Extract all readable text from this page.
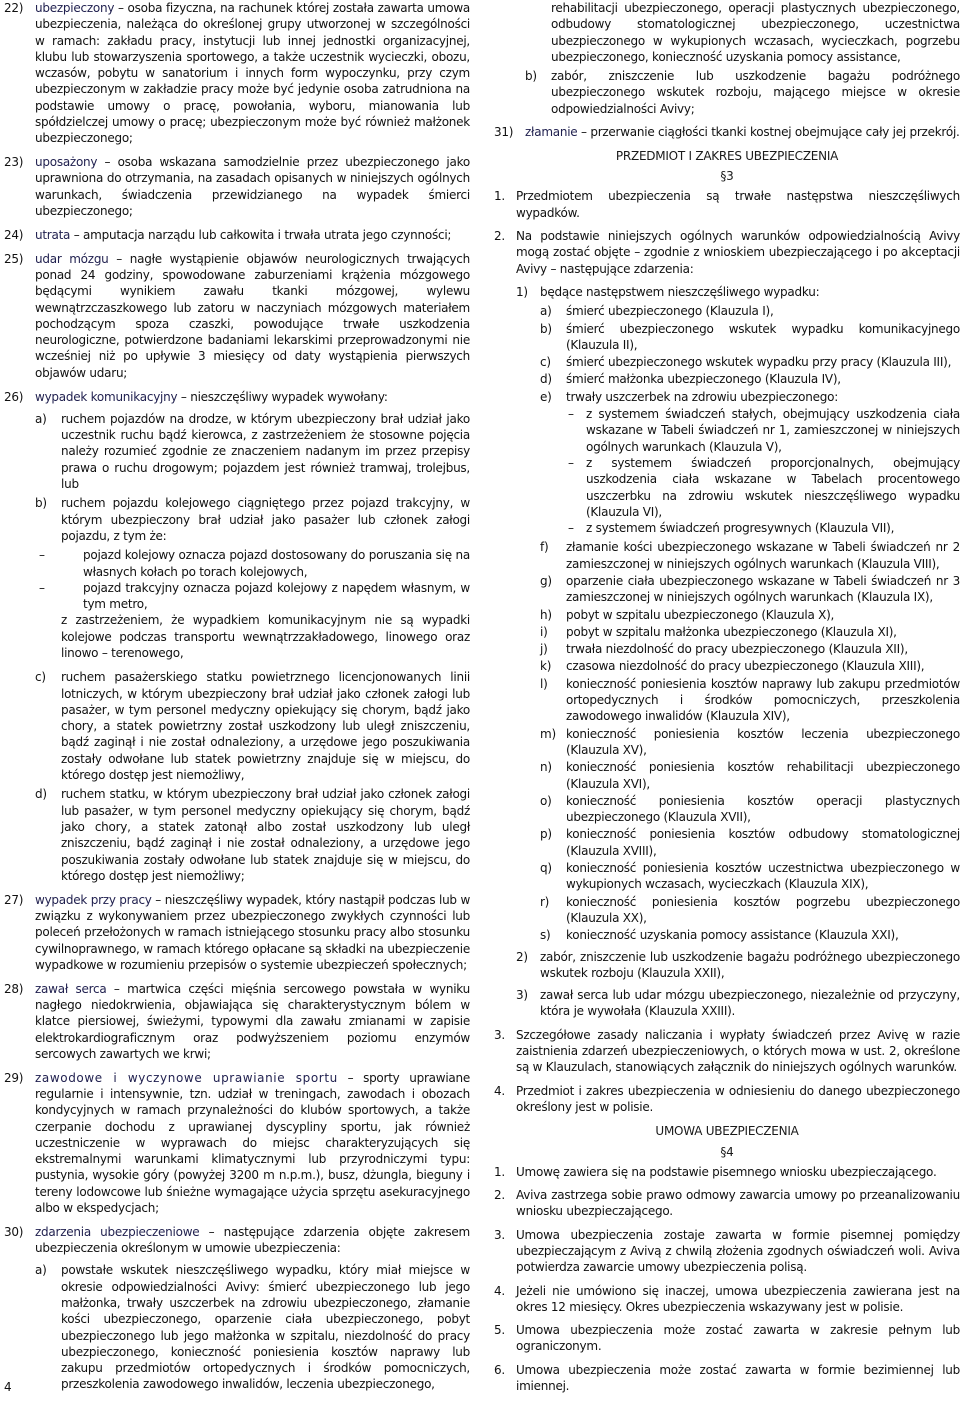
22) ubezpieczony – osoba fizyczna, na rachunek której została zawarta umowa ubezpieczenia, należąca do określonej grupy utworzonej w szczególności w ramach: zakładu pracy, instytucji lub innej jednostki organizacyjnej, klubu lub stowarzyszenia sportowego, a także uczestnik wycieczki, obozu, wczasów, pobytu w sanatorium i innych form wypoczynku, przy czym ubezpieczonym w zakładzie pracy może być jedynie osoba zatrudniona na podstawie umowy o pracę, powołania, wyboru, mianowania lub spółdzielczej umowy o pracę; ubezpieczonym może być również małżonek ubezpieczonego;
23) uposażony – osoba wskazana samodzielnie przez ubezpieczonego jako uprawniona do otrzymania, na zasadach opisanych w niniejszych ogólnych warunkach, świadczenia przewidzianego na wypadek śmierci ubezpieczonego;
24) utrata – amputacja narządu lub całkowita i trwała utrata jego czynności;
25) udar mózgu – nagłe wystąpienie objawów neurologicznych trwających ponad 24 godziny, spowodowane zaburzeniami krążenia mózgowego będącymi wynikiem zawału tkanki mózgowej, wylewu wewnątrzczaszkowego lub zatoru w naczyniach mózgowych materiałem pochodzącym spoza czaszki, powodujące trwałe uszkodzenia neurologiczne, potwierdzone badaniami lekarskimi przeprowadzonymi nie wcześniej niż po upływie 3 miesięcy od daty wystąpienia pierwszych objawów udaru;
26) wypadek komunikacyjny – nieszczęśliwy wypadek wywołany:
a) ruchem pojazdów na drodze, w którym ubezpieczony brał udział jako uczestnik ruchu bądź kierowca, z zastrzeżeniem że stosowne pojęcia należy rozumieć zgodnie ze znaczeniem nadanym im przez przepisy prawa o ruchu drogowym; pojazdem jest również tramwaj, trolejbus, lub
b) ruchem pojazdu kolejowego ciągniętego przez pojazd trakcyjny, w którym ubezpieczony brał udział jako pasażer lub członek załogi pojazdu, z tym że:
–	pojazd kolejowy oznacza pojazd dostosowany do poruszania się na własnych kołach po torach kolejowych,
–	pojazd trakcyjny oznacza pojazd kolejowy z napędem własnym, w tym metro,
z zastrzeżeniem, że wypadkiem komunikacyjnym nie są wypadki kolejowe podczas transportu wewnątrzzakładowego, linowego oraz linowo – terenowego,
c) ruchem pasażerskiego statku powietrznego licencjonowanych linii lotniczych, w którym ubezpieczony brał udział jako członek załogi lub pasażer, w tym personel medyczny opiekujący się chorym, bądź jako chory, a statek powietrzny został uszkodzony lub uległ zniszczeniu, bądź zaginął i nie został odnaleziony, a urzędowe jego poszukiwania zostały odwołane lub statek powietrzny znajduje się w miejscu, do którego dostęp jest niemożliwy,
d) ruchem statku, w którym ubezpieczony brał udział jako członek załogi lub pasażer, w tym personel medyczny opiekujący się chorym, bądź jako chory, a statek zatonął albo został uszkodzony lub uległ zniszczeniu, bądź zaginął i nie został odnaleziony, a urzędowe jego poszukiwania zostały odwołane lub statek znajduje się w miejscu, do którego dostęp jest niemożliwy;
27) wypadek przy pracy – nieszczęśliwy wypadek, który nastąpił podczas lub w związku z wykonywaniem przez ubezpieczonego zwykłych czynności lub poleceń przełożonych w ramach istniejącego stosunku pracy albo stosunku cywilnoprawnego, w ramach którego opłacane są składki na ubezpieczenie wypadkowe w rozumieniu przepisów o systemie ubezpieczeń społecznych;
28) zawał serca – martwica części mięśnia sercowego powstała w wyniku nagłego niedokrwienia, objawiająca się charakterystycznym bólem w klatce piersiowej, świeżymi, typowymi dla zawału zmianami w zapisie elektrokardiograficznym oraz podwyższeniem poziomu enzymów sercowych zawartych we krwi;
29) zawodowe i wyczynowe uprawianie sportu – sporty uprawiane regularnie i intensywnie, tzn. udział w treningach, zawodach i obozach kondycyjnych w ramach przynależności do klubów sportowych, a także czerpanie dochodu z uprawianej dyscypliny sportu, jak również uczestniczenie w wyprawach do miejsc charakteryzujących się ekstremalnymi warunkami klimatycznymi lub przyrodniczymi typu: pustynia, wysokie góry (powyżej 3200 m n.p.m.), busz, dżungla, bieguny i tereny lodowcowe lub śnieżne wymagające użycia sprzętu asekuracyjnego albo w ekspedycjach;
30) zdarzenia ubezpieczeniowe – następujące zdarzenia objęte zakresem ubezpieczenia określonym w umowie ubezpieczenia:
a) powstałe wskutek nieszczęśliwego wypadku, który miał miejsce w okresie odpowiedzialności Avivy: śmierć ubezpieczonego lub jego małżonka, trwały uszczerbek na zdrowiu ubezpieczonego, złamanie kości ubezpieczonego, oparzenie ciała ubezpieczonego, pobyt ubezpieczonego lub jego małżonka w szpitalu, niezdolność do pracy ubezpieczonego, konieczność poniesienia kosztów naprawy lub zakupu przedmiotów ortopedycznych i środków pomocniczych, przeszkolenia zawodowego inwalidów, leczenia ubezpieczonego,
rehabilitacji ubezpieczonego, operacji plastycznych ubezpieczonego, odbudowy stomatologicznej ubezpieczonego, uczestnictwa ubezpieczonego w wykupionych wczasach, wycieczkach, pogrzebu ubezpieczonego, konieczność uzyskania pomocy assistance,
b) zabór, zniszczenie lub uszkodzenie bagażu podróżnego ubezpieczonego wskutek rozboju, mającego miejsce w okresie odpowiedzialności Avivy;
31) złamanie – przerwanie ciągłości tkanki kostnej obejmujące cały jej przekrój.
PRZEDMIOT I ZAKRES UBEZPIECZENIA
§3
1. Przedmiotem ubezpieczenia są trwałe następstwa nieszczęśliwych wypadków.
2. Na podstawie niniejszych ogólnych warunków odpowiedzialnością Avivy mogą zostać objęte – zgodnie z wnioskiem ubezpieczającego i po akceptacji Avivy – następujące zdarzenia:
1) będące następstwem nieszczęśliwego wypadku:
a) śmierć ubezpieczonego (Klauzula I),
b) śmierć ubezpieczonego wskutek wypadku komunikacyjnego (Klauzula II),
c) śmierć ubezpieczonego wskutek wypadku przy pracy (Klauzula III),
d) śmierć małżonka ubezpieczonego (Klauzula IV),
e) trwały uszczerbek na zdrowiu ubezpieczonego:
– z systemem świadczeń stałych, obejmujący uszkodzenia ciała wskazane w Tabeli świadczeń nr 1, zamieszczonej w niniejszych ogólnych warunkach (Klauzula V),
– z systemem świadczeń proporcjonalnych, obejmujący uszkodzenia ciała wskazane w Tabelach procentowego uszczerbku na zdrowiu wskutek nieszczęśliwego wypadku (Klauzula VI),
– z systemem świadczeń progresywnych (Klauzula VII),
f) złamanie kości ubezpieczonego wskazane w Tabeli świadczeń nr 2 zamieszczonej w niniejszych ogólnych warunkach (Klauzula VIII),
g) oparzenie ciała ubezpieczonego wskazane w Tabeli świadczeń nr 3 zamieszczonej w niniejszych ogólnych warunkach (Klauzula IX),
h) pobyt w szpitalu ubezpieczonego (Klauzula X),
i) pobyt w szpitalu małżonka ubezpieczonego (Klauzula XI),
j) trwała niezdolność do pracy ubezpieczonego (Klauzula XII),
k) czasowa niezdolność do pracy ubezpieczonego (Klauzula XIII),
l) konieczność poniesienia kosztów naprawy lub zakupu przedmiotów ortopedycznych i środków pomocniczych, przeszkolenia zawodowego inwalidów (Klauzula XIV),
m) konieczność poniesienia kosztów leczenia ubezpieczonego (Klauzula XV),
n) konieczność poniesienia kosztów rehabilitacji ubezpieczonego (Klauzula XVI),
o) konieczność poniesienia kosztów operacji plastycznych ubezpieczonego (Klauzula XVII),
p) konieczność poniesienia kosztów odbudowy stomatologicznej (Klauzula XVIII),
q) konieczność poniesienia kosztów uczestnictwa ubezpieczonego w wykupionych wczasach, wycieczkach (Klauzula XIX),
r) konieczność poniesienia kosztów pogrzebu ubezpieczonego (Klauzula XX),
s) konieczność uzyskania pomocy assistance (Klauzula XXI),
2) zabór, zniszczenie lub uszkodzenie bagażu podróżnego ubezpieczonego wskutek rozboju (Klauzula XXII),
3) zawał serca lub udar mózgu ubezpieczonego, niezależnie od przyczyny, która je wywołała (Klauzula XXIII).
3. Szczegółowe zasady naliczania i wypłaty świadczeń przez Avivę w razie zaistnienia zdarzeń ubezpieczeniowych, o których mowa w ust. 2, określone są w Klauzulach, stanowiących załącznik do niniejszych ogólnych warunków.
4. Przedmiot i zakres ubezpieczenia w odniesieniu do danego ubezpieczonego określony jest w polisie.
UMOWA UBEZPIECZENIA
§4
1. Umowę zawiera się na podstawie pisemnego wniosku ubezpieczającego.
2. Aviva zastrzega sobie prawo odmowy zawarcia umowy po przeanalizowaniu wniosku ubezpieczającego.
3. Umowa ubezpieczenia zostaje zawarta w formie pisemnej pomiędzy ubezpieczającym z Avivą z chwilą złożenia zgodnych oświadczeń woli. Aviva potwierdza zawarcie umowy ubezpieczenia polisą.
4. Jeżeli nie umówiono się inaczej, umowa ubezpieczenia zawierana jest na okres 12 miesięcy. Okres ubezpieczenia wskazywany jest w polisie.
5. Umowa ubezpieczenia może zostać zawarta w zakresie pełnym lub ograniczonym.
6. Umowa ubezpieczenia może zostać zawarta w formie bezimiennej lub imiennej.
4
